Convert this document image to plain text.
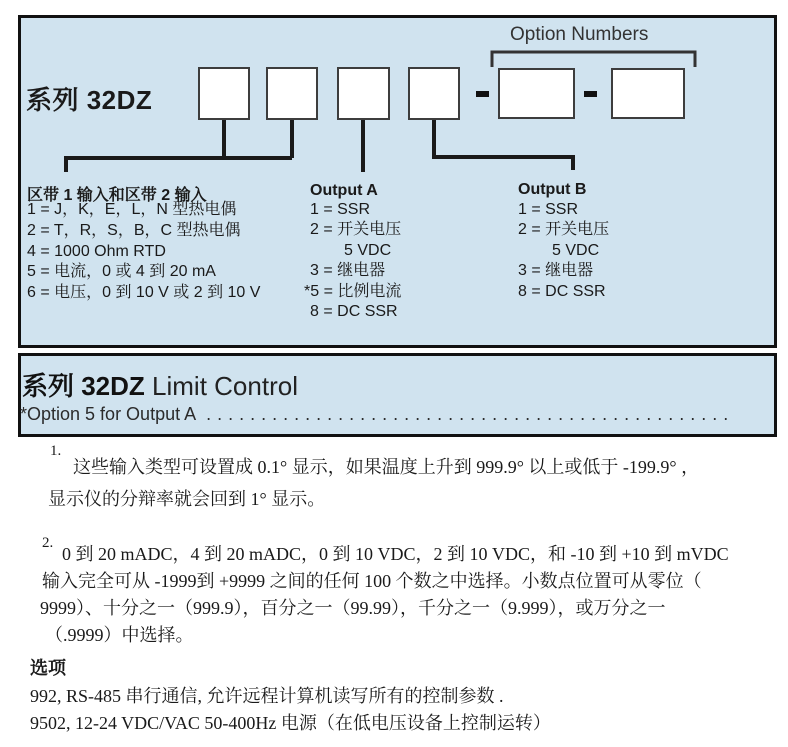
系列 32DZ
Option Numbers
区带 1 输入和区带 2 输入
1 = J，K，E，L，N 型热电偶
2 = T，R，S，B，C 型热电偶
4 = 1000 Ohm RTD
5 = 电流，0 或 4 到 20 mA
6 = 电压，0 到 10 V 或 2 到 10 V
Output A
1 = SSR
2 = 开关电压
5 VDC
3 = 继电器
*5 = 比例电流
8 = DC SSR
Output B
1 = SSR
2 = 开关电压
5 VDC
3 = 继电器
8 = DC SSR
系列 32DZ Limit Control
*Option 5 for Output A . . . . . . . . . . . . . . . . . . . . . . . . . . . . . . . . . . . . . . . . . . . . . . . .
1.
这些输入类型可设置成 0.1° 显示，如果温度上升到 999.9° 以上或低于 -199.9° ，
显示仪的分辩率就会回到 1° 显示。
2.
0 到 20 mADC，4 到 20 mADC，0 到 10 VDC，2 到 10 VDC，和 -10 到 +10 到 mVDC
输入完全可从 -1999到 +9999 之间的任何 100 个数之中选择。小数点位置可从零位（
9999）、十分之一（999.9），百分之一（99.99），千分之一（9.999），或万分之一
（.9999）中选择。
选项
992, RS-485 串行通信, 允许远程计算机读写所有的控制参数 .
9502, 12-24 VDC/VAC 50-400Hz 电源（在低电压设备上控制运转）
